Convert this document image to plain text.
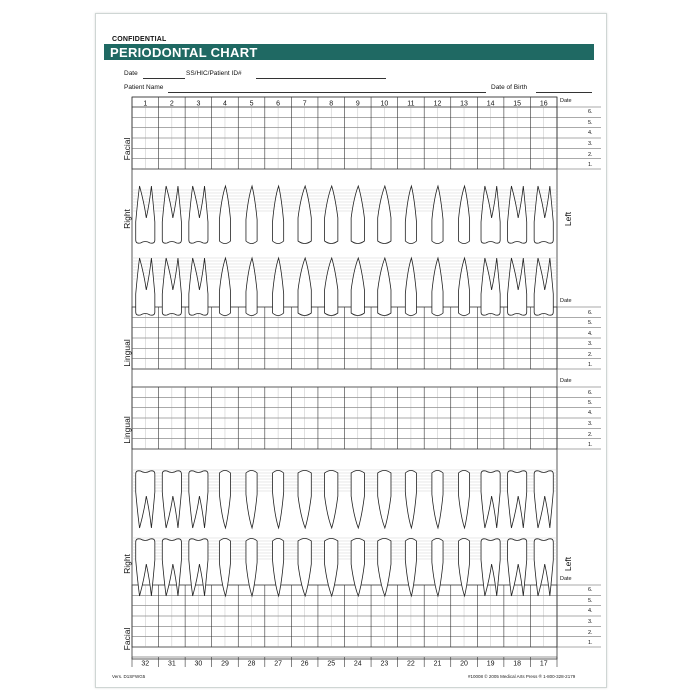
CONFIDENTIAL
PERIODONTAL CHART
Date	SS/HIC/Patient ID#
Patient Name	Date of Birth
1	2	3	4	5	6	7	8	9	10	11	12	13	14	15	16
32	31	30	29	28	27	26	25	24	23	22	21	20	19	18	17
Facial
Right	Left
Lingual
Lingual
Right	Left
Facial
Date
Date
Date
Date
6.
5.
4.
3.
2.
1.
6.
5.
4.
3.
2.
1.
6.
5.
4.
3.
2.
1.
6.
5.
4.
3.
2.
1.
Vers. D1SFWG5	#10008 © 2005 Medical Arts Press ® 1-800-328-2179
